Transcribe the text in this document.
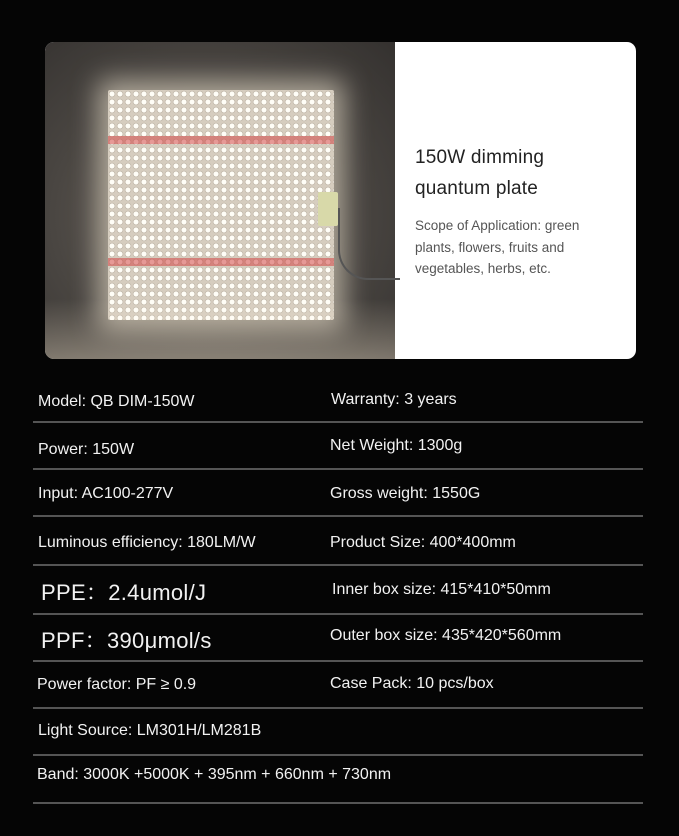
150W dimming
quantum plate
Scope of Application: green plants, flowers, fruits and vegetables, herbs, etc.
Model: QB DIM-150W	Warranty: 3 years
Power: 150W	Net Weight: 1300g
Input: AC100-277V	Gross weight: 1550G
Luminous efficiency: 180LM/W	Product Size: 400*400mm
PPE：2.4umol/J	Inner box size: 415*410*50mm
PPF：390μmol/s	Outer box size: 435*420*560mm
Power factor: PF ≥ 0.9	Case Pack: 10 pcs/box
Light Source: LM301H/LM281B
Band: 3000K +5000K + 395nm + 660nm + 730nm
